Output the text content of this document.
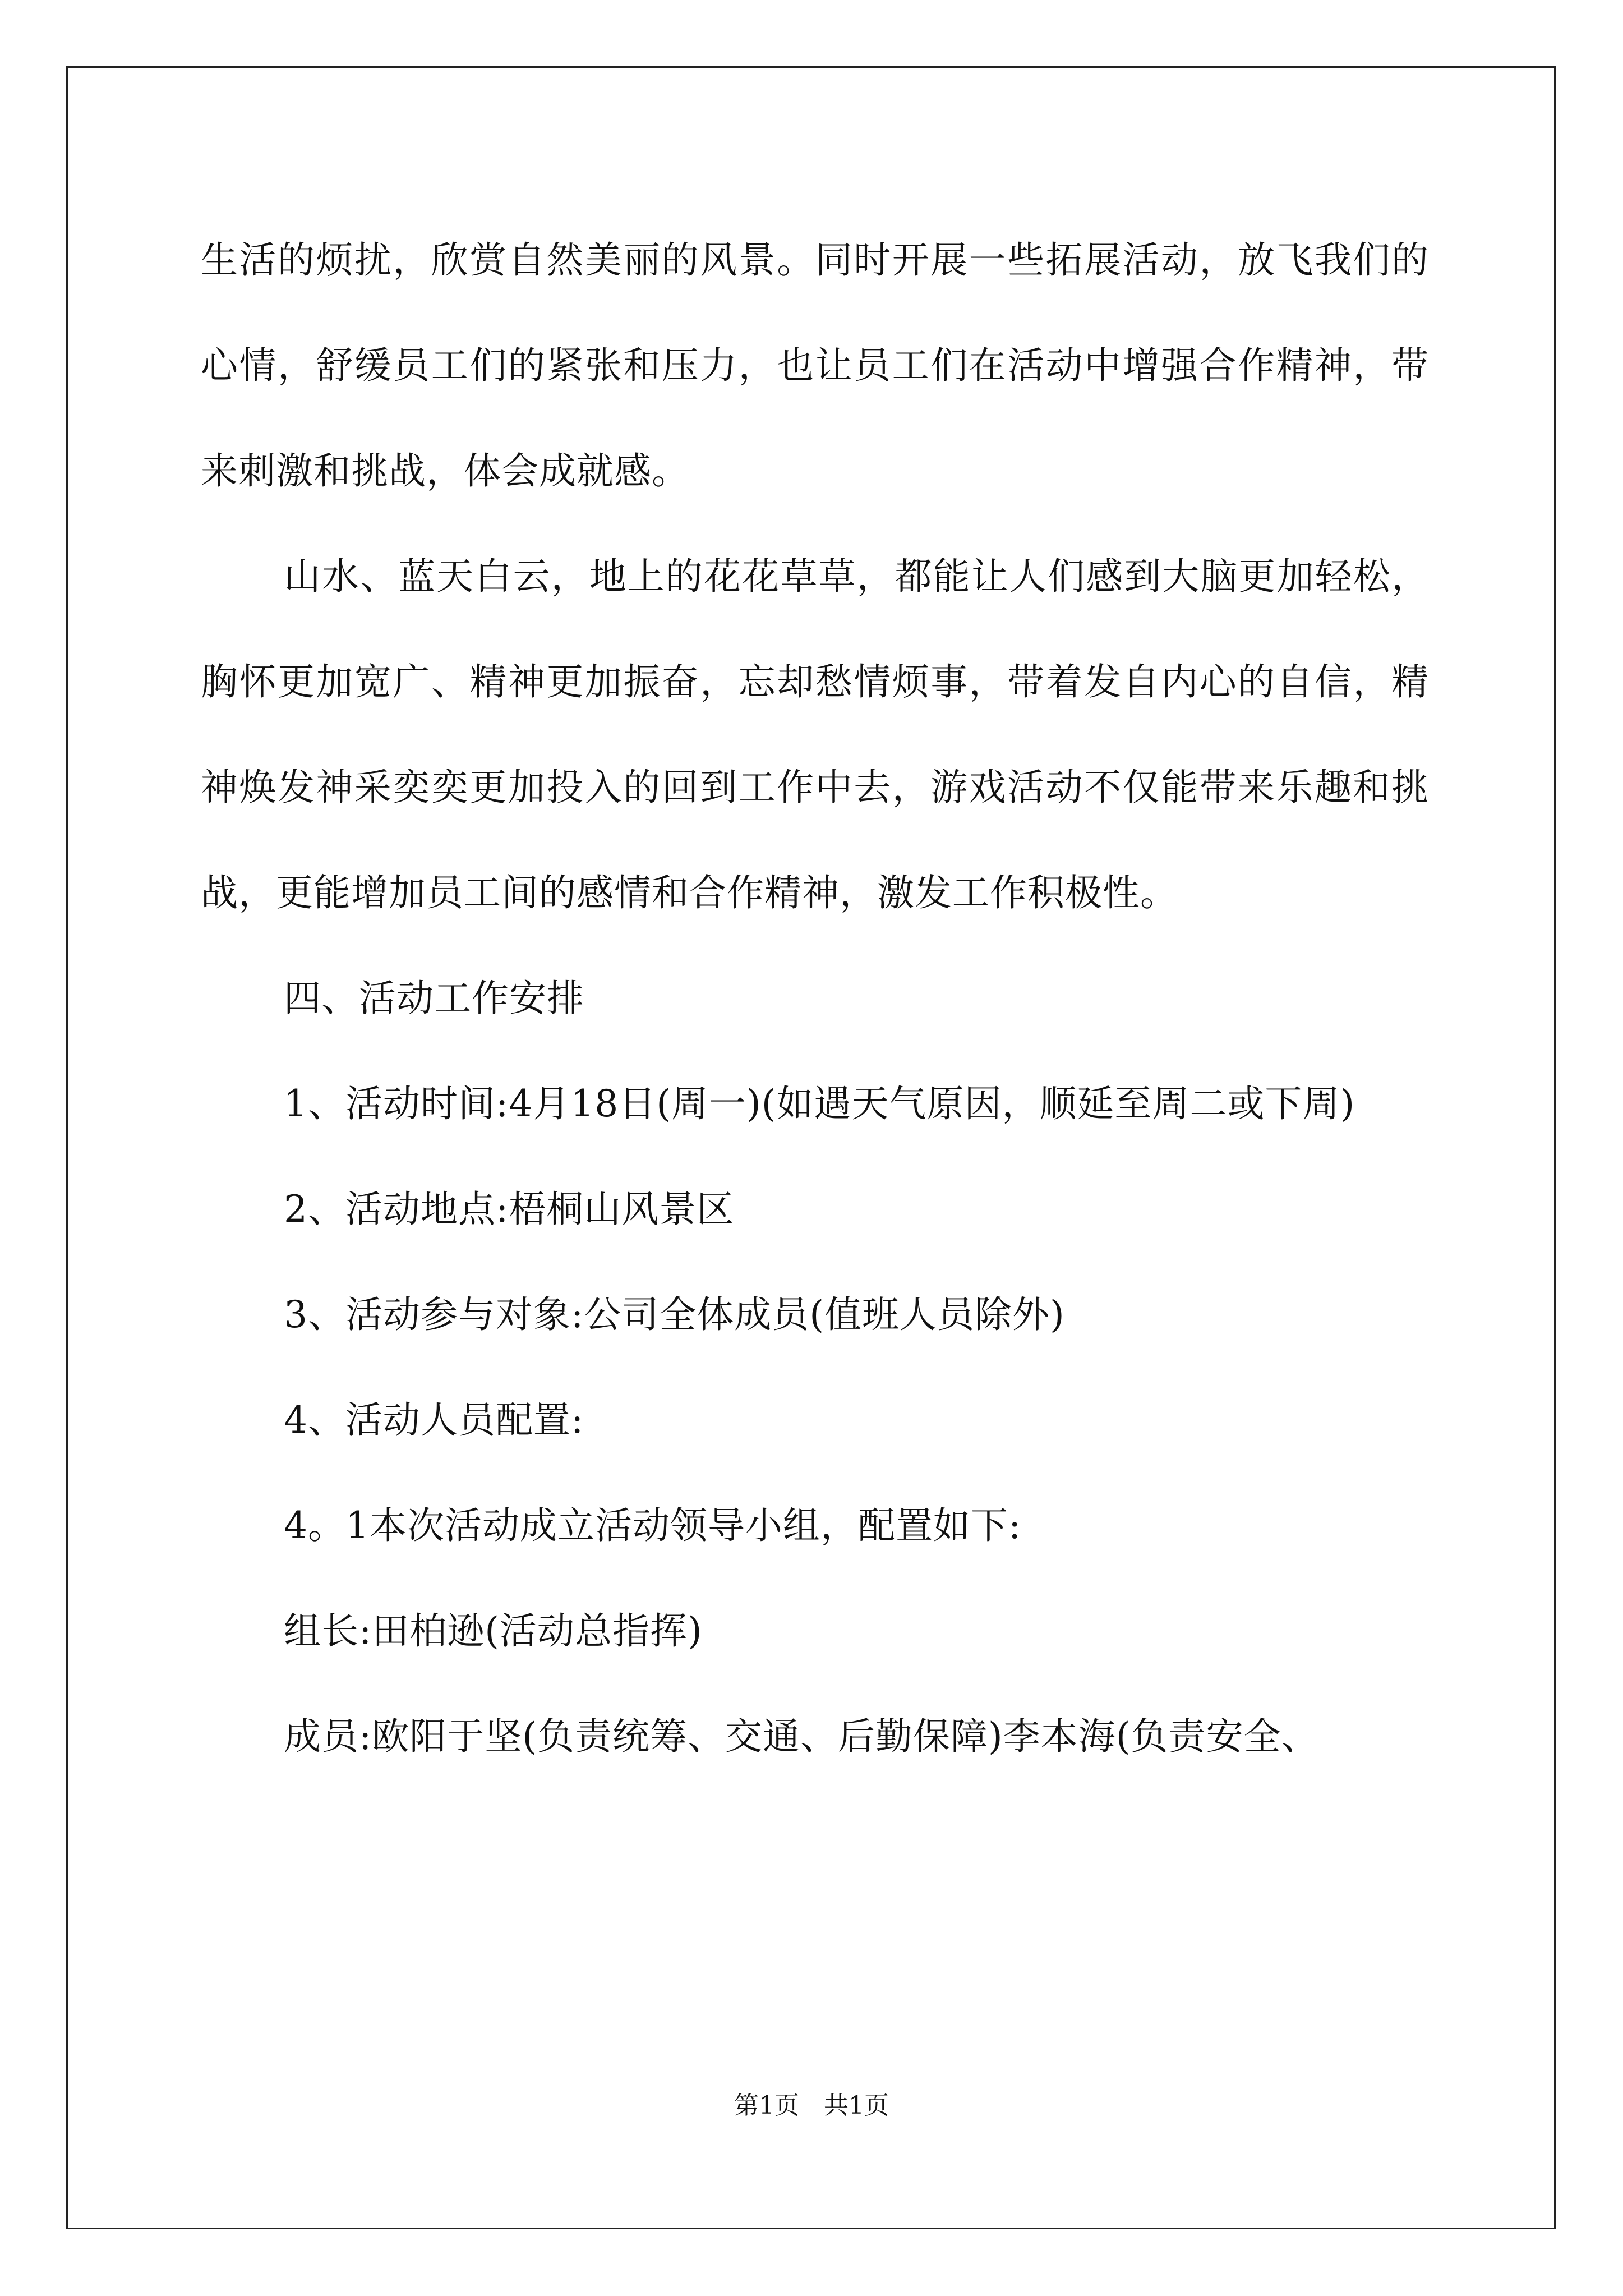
生活的烦扰，欣赏自然美丽的风景。同时开展一些拓展活动，放飞我们的心情，舒缓员工们的紧张和压力，也让员工们在活动中增强合作精神，带来刺激和挑战，体会成就感。

山水、蓝天白云，地上的花花草草，都能让人们感到大脑更加轻松，胸怀更加宽广、精神更加振奋，忘却愁情烦事，带着发自内心的自信，精神焕发神采奕奕更加投入的回到工作中去，游戏活动不仅能带来乐趣和挑战，更能增加员工间的感情和合作精神，激发工作积极性。

四、活动工作安排

1、活动时间:4月18日(周一)(如遇天气原因，顺延至周二或下周)

2、活动地点:梧桐山风景区

3、活动参与对象:公司全体成员(值班人员除外)

4、活动人员配置:

4。1本次活动成立活动领导小组，配置如下:

组长:田柏逊(活动总指挥)

成员:欧阳于坚(负责统筹、交通、后勤保障)李本海(负责安全、

第1页　共1页
